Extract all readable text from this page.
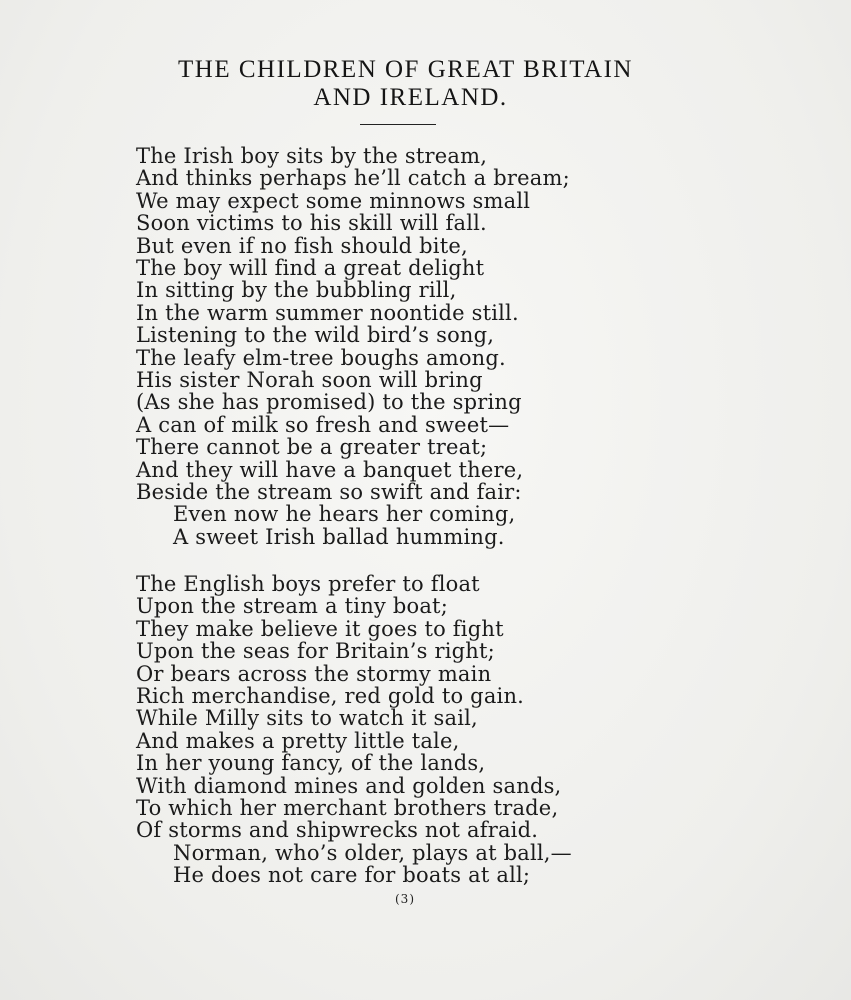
THE CHILDREN OF GREAT BRITAIN
AND IRELAND.
The Irish boy sits by the stream,
And thinks perhaps he’ll catch a bream;
We may expect some minnows small
Soon victims to his skill will fall.
But even if no fish should bite,
The boy will find a great delight
In sitting by the bubbling rill,
In the warm summer noontide still.
Listening to the wild bird’s song,
The leafy elm-tree boughs among.
His sister Norah soon will bring
(As she has promised) to the spring
A can of milk so fresh and sweet—
There cannot be a greater treat;
And they will have a banquet there,
Beside the stream so swift and fair:
Even now he hears her coming,
A sweet Irish ballad humming.
The English boys prefer to float
Upon the stream a tiny boat;
They make believe it goes to fight
Upon the seas for Britain’s right;
Or bears across the stormy main
Rich merchandise, red gold to gain.
While Milly sits to watch it sail,
And makes a pretty little tale,
In her young fancy, of the lands,
With diamond mines and golden sands,
To which her merchant brothers trade,
Of storms and shipwrecks not afraid.
Norman, who’s older, plays at ball,—
He does not care for boats at all;
(3)
